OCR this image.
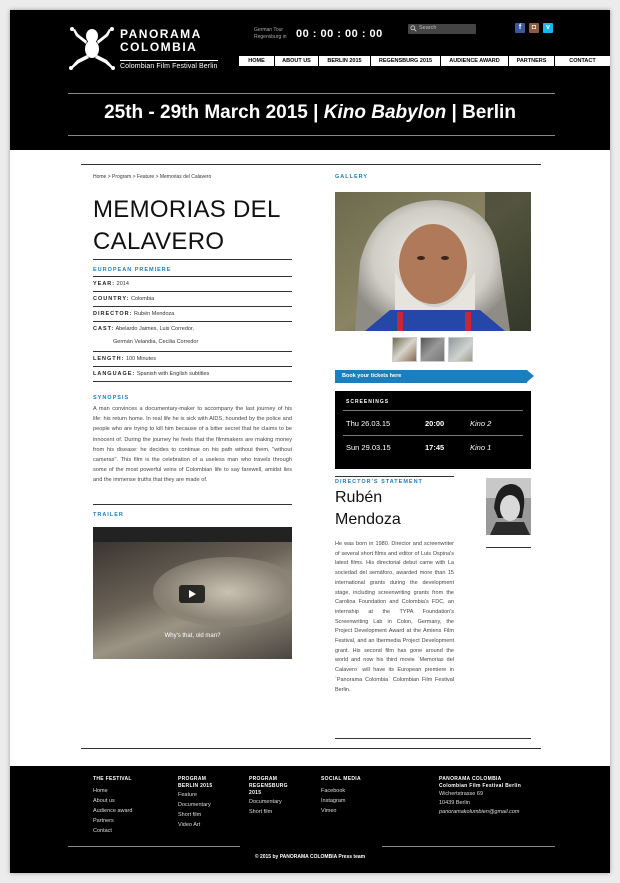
PANORAMA
COLOMBIA
Colombian Film Festival Berlin
German Tour
Regensburg in 00 : 00 : 00 : 00	Search	f	◘	v
HOME	ABOUT US	BERLIN 2015	REGENSBURG 2015	AUDIENCE AWARD	PARTNERS	CONTACT
25th - 29th March 2015 | Kino Babylon | Berlin
Home > Program > Feature > Memorias del Calavero
MEMORIAS DEL
CALAVERO
EUROPEAN PREMIERE
YEAR: 2014
COUNTRY: Colombia
DIRECTOR: Rubén Mendoza
CAST: Abelardo Jaimes, Luis Corredor,
Germán Velandia, Cecilia Corredor
LENGTH: 100 Minutes
LANGUAGE: Spanish with English subtitles
SYNOPSIS
A man convinces a documentary-maker to accompany the last journey of his life: his return home. In real life he is sick with AIDS, hounded by the police and people who are trying to kill him because of a bitter secret that he claims to be innocent of. During the journey he feels that the filmmakers are making money from his disease: he decides to continue on his path without them, "without cameras". This film is the celebration of a useless man who travels through some of the most powerful veins of Colombian life to say farewell, amidst lies and the immense truths that they are made of.
TRAILER
Why's that, old man?
GALLERY
Book your tickets here
SCREENINGS
Thu 26.03.15	20:00	Kino 2
Sun 29.03.15	17:45	Kino 1
DIRECTOR'S STATEMENT
Rubén
Mendoza
He was born in 1980. Director and screenwriter of several short films and editor of Luis Ospina's latest films. His directorial debut came with La sociedad del semáforo, awarded more than 15 international grants during the development stage, including screenwriting grants from the Carolina Foundation and Colombia's FDC, an internship at the TYPA Foundation's Screenwriting Lab in Colon, Germany, the Project Development Award at the Amiens Film Festival, and an Ibermedia Project Development grant. His second film has gone around the world and now his third movie `Memorias del Calavero` will have its European premiere in `Panorama Colombia` Colombian Film Festival Berlin.
THE FESTIVAL
Home
About us
Audience award
Partners
Contact
PROGRAM
BERLIN 2015
Feature
Documentary
Short film
Video Art
PROGRAM
REGENSBURG
2015
Documentary
Short film
SOCIAL MEDIA
Facebook
Instagram
Vimeo
PANORAMA COLOMBIA
Colombian Film Festival Berlin
Wichertstrasse 69
10439 Berlin
panoramakolumbien@gmail.com
© 2015 by PANORAMA COLOMBIA Press team
